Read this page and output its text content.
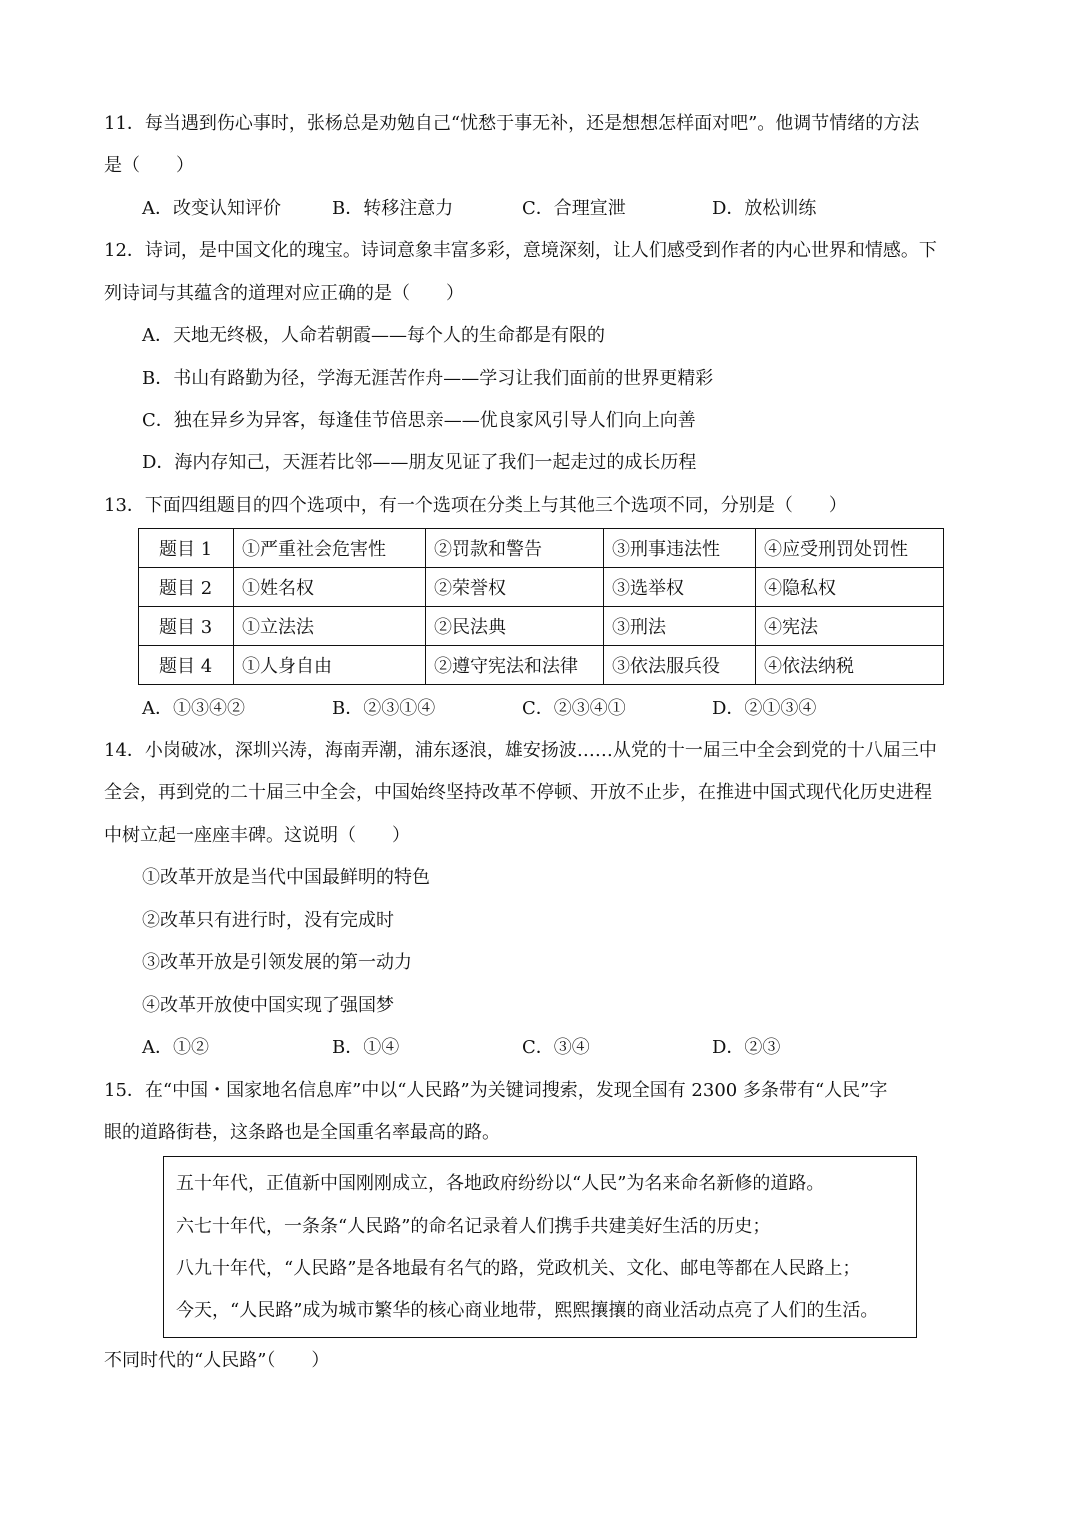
11．每当遇到伤心事时，张杨总是劝勉自己“忧愁于事无补，还是想想怎样面对吧”。他调节情绪的方法
是（　　）
A．改变认知评价	B．转移注意力	C．合理宣泄	D．放松训练
12．诗词，是中国文化的瑰宝。诗词意象丰富多彩，意境深刻，让人们感受到作者的内心世界和情感。下
列诗词与其蕴含的道理对应正确的是（　　）
A．天地无终极，人命若朝霞——每个人的生命都是有限的
B．书山有路勤为径，学海无涯苦作舟——学习让我们面前的世界更精彩
C．独在异乡为异客，每逢佳节倍思亲——优良家风引导人们向上向善
D．海内存知己，天涯若比邻——朋友见证了我们一起走过的成长历程
13．下面四组题目的四个选项中，有一个选项在分类上与其他三个选项不同，分别是（　　）
题目 1	①严重社会危害性	②罚款和警告	③刑事违法性	④应受刑罚处罚性
题目 2	①姓名权	②荣誉权	③选举权	④隐私权
题目 3	①立法法	②民法典	③刑法	④宪法
题目 4	①人身自由	②遵守宪法和法律	③依法服兵役	④依法纳税
A．①③④②	B．②③①④	C．②③④①	D．②①③④
14．小岗破冰，深圳兴涛，海南弄潮，浦东逐浪，雄安扬波……从党的十一届三中全会到党的十八届三中
全会，再到党的二十届三中全会，中国始终坚持改革不停顿、开放不止步，在推进中国式现代化历史进程
中树立起一座座丰碑。这说明（　　）
①改革开放是当代中国最鲜明的特色
②改革只有进行时，没有完成时
③改革开放是引领发展的第一动力
④改革开放使中国实现了强国梦
A．①②	B．①④	C．③④	D．②③
15．在“中国・国家地名信息库”中以“人民路”为关键词搜索，发现全国有 2300 多条带有“人民”字
眼的道路街巷，这条路也是全国重名率最高的路。
五十年代，正值新中国刚刚成立，各地政府纷纷以“人民”为名来命名新修的道路。
六七十年代，一条条“人民路”的命名记录着人们携手共建美好生活的历史；
八九十年代，“人民路”是各地最有名气的路，党政机关、文化、邮电等都在人民路上；
今天，“人民路”成为城市繁华的核心商业地带，熙熙攘攘的商业活动点亮了人们的生活。
不同时代的“人民路”（　　）
